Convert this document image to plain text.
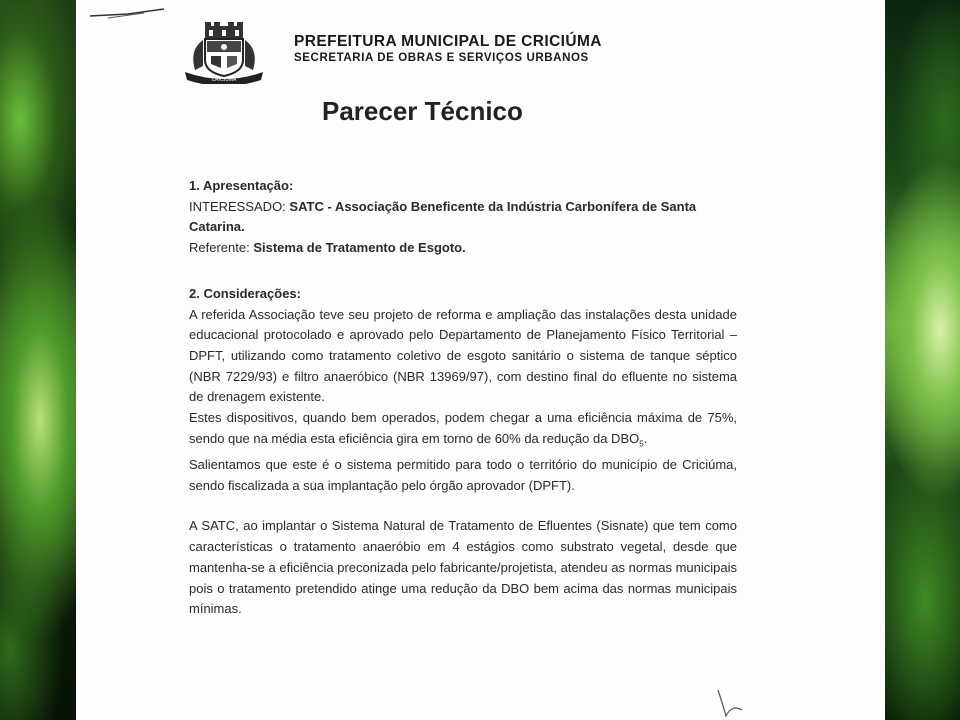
CRICIÚMA
PREFEITURA MUNICIPAL DE CRICIÚMA
SECRETARIA DE OBRAS E SERVIÇOS URBANOS
Parecer Técnico
1. Apresentação:
INTERESSADO: SATC - Associação Beneficente da Indústria Carbonífera de Santa Catarina.
Referente: Sistema de Tratamento de Esgoto.
2. Considerações:
A referida Associação teve seu projeto de reforma e ampliação das instalações desta unidade educacional protocolado e aprovado pelo Departamento de Planejamento Físico Territorial – DPFT, utilizando como tratamento coletivo de esgoto sanitário o sistema de tanque séptico (NBR 7229/93) e filtro anaeróbico (NBR 13969/97), com destino final do efluente no sistema de drenagem existente.
Estes dispositivos, quando bem operados, podem chegar a uma eficiência máxima de 75%, sendo que na média esta eficiência gira em torno de 60% da redução da $DBO_5$.
Salientamos que este é o sistema permitido para todo o território do município de Criciúma, sendo fiscalizada a sua implantação pelo órgão aprovador (DPFT).
A SATC, ao implantar o Sistema Natural de Tratamento de Efluentes (Sisnate) que tem como características o tratamento anaeróbio em 4 estágios como substrato vegetal, desde que mantenha-se a eficiência preconizada pelo fabricante/projetista, atendeu as normas municipais pois o tratamento pretendido atinge uma redução da DBO bem acima das normas municipais mínimas.
